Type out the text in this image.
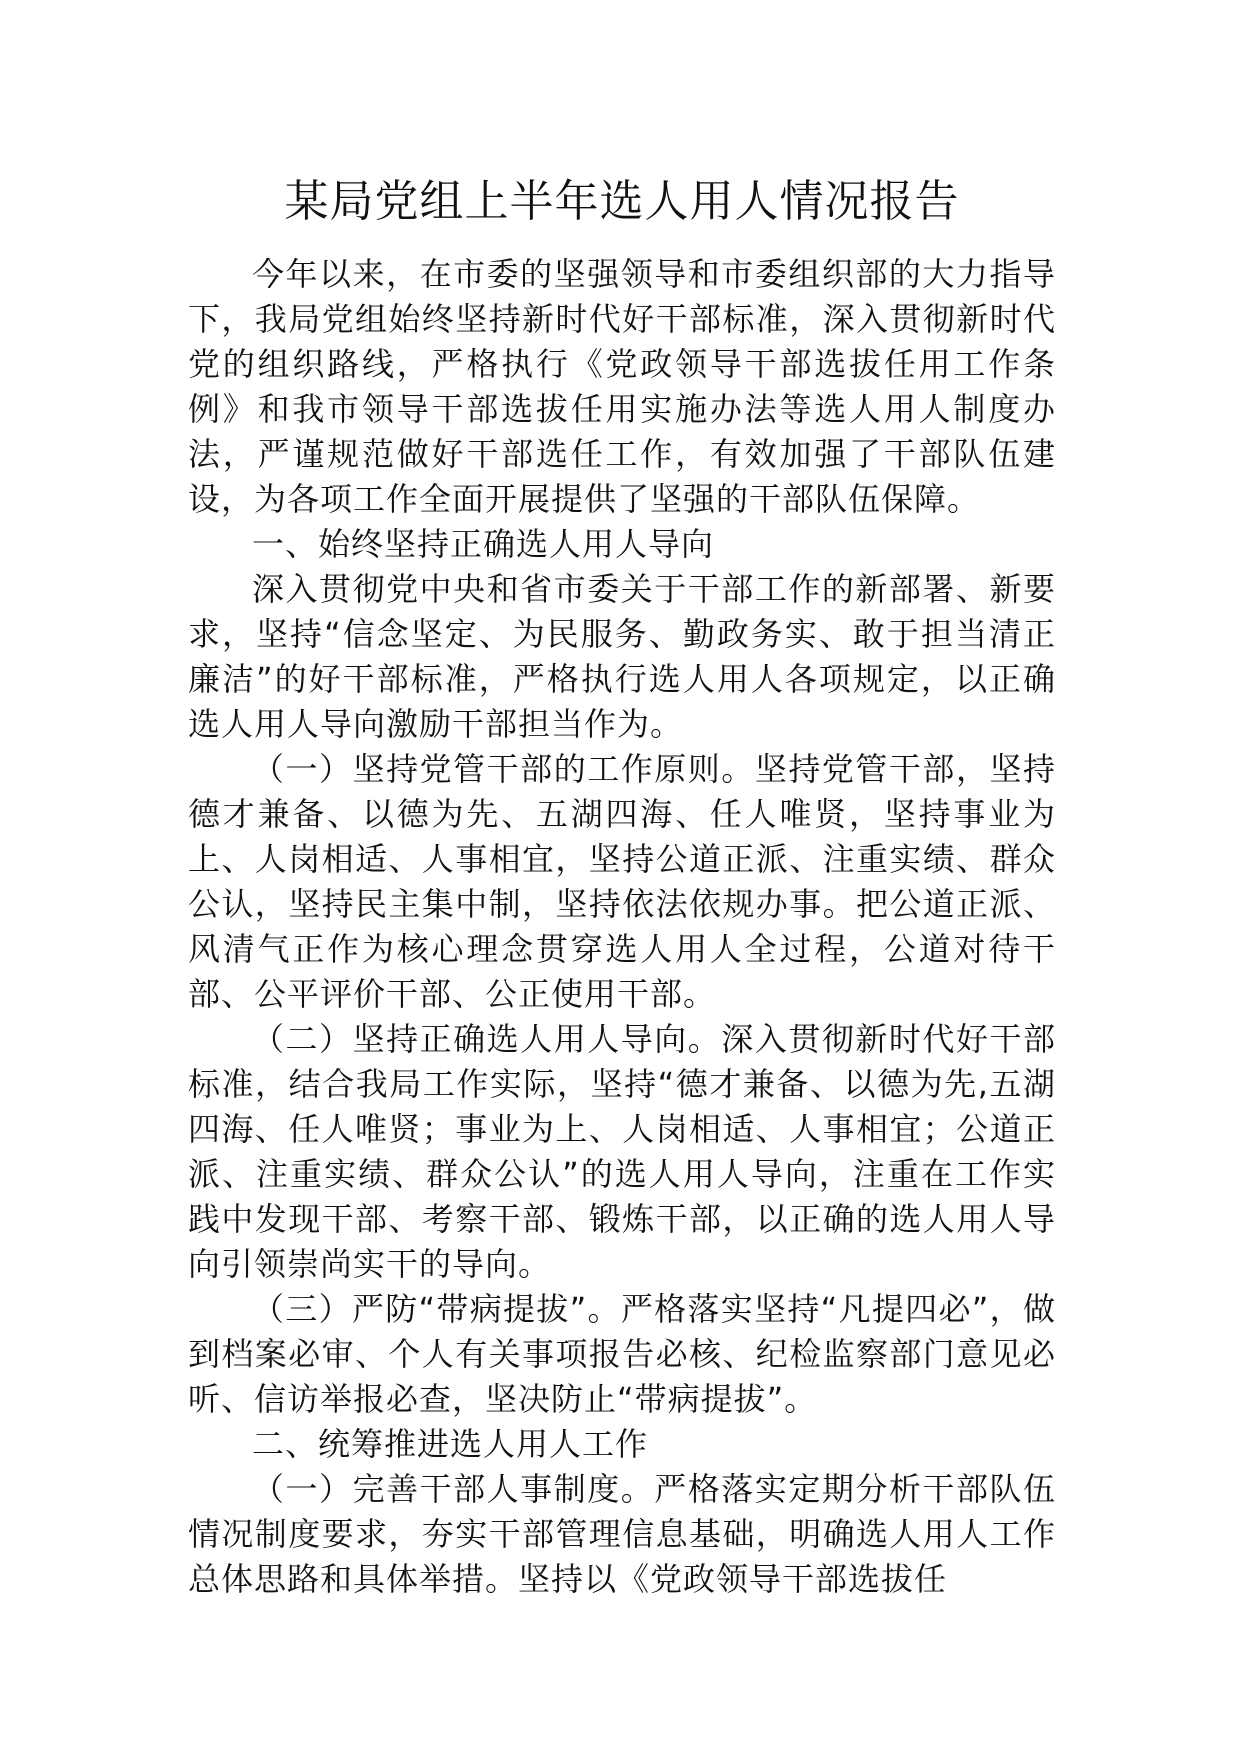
某局党组上半年选人用人情况报告

今年以来，在市委的坚强领导和市委组织部的大力指导下，我局党组始终坚持新时代好干部标准，深入贯彻新时代党的组织路线，严格执行《党政领导干部选拔任用工作条例》和我市领导干部选拔任用实施办法等选人用人制度办法，严谨规范做好干部选任工作，有效加强了干部队伍建设，为各项工作全面开展提供了坚强的干部队伍保障。

一、始终坚持正确选人用人导向

深入贯彻党中央和省市委关于干部工作的新部署、新要求，坚持“信念坚定、为民服务、勤政务实、敢于担当清正廉洁”的好干部标准，严格执行选人用人各项规定，以正确选人用人导向激励干部担当作为。

（一）坚持党管干部的工作原则。坚持党管干部，坚持德才兼备、以德为先、五湖四海、任人唯贤，坚持事业为上、人岗相适、人事相宜，坚持公道正派、注重实绩、群众公认，坚持民主集中制，坚持依法依规办事。把公道正派、风清气正作为核心理念贯穿选人用人全过程，公道对待干部、公平评价干部、公正使用干部。

（二）坚持正确选人用人导向。深入贯彻新时代好干部标准，结合我局工作实际，坚持“德才兼备、以德为先,五湖四海、任人唯贤；事业为上、人岗相适、人事相宜；公道正派、注重实绩、群众公认”的选人用人导向，注重在工作实践中发现干部、考察干部、锻炼干部，以正确的选人用人导向引领崇尚实干的导向。

（三）严防“带病提拔”。严格落实坚持“凡提四必”，做到档案必审、个人有关事项报告必核、纪检监察部门意见必听、信访举报必查，坚决防止“带病提拔”。

二、统筹推进选人用人工作

（一）完善干部人事制度。严格落实定期分析干部队伍情况制度要求，夯实干部管理信息基础，明确选人用人工作总体思路和具体举措。坚持以《党政领导干部选拔任
